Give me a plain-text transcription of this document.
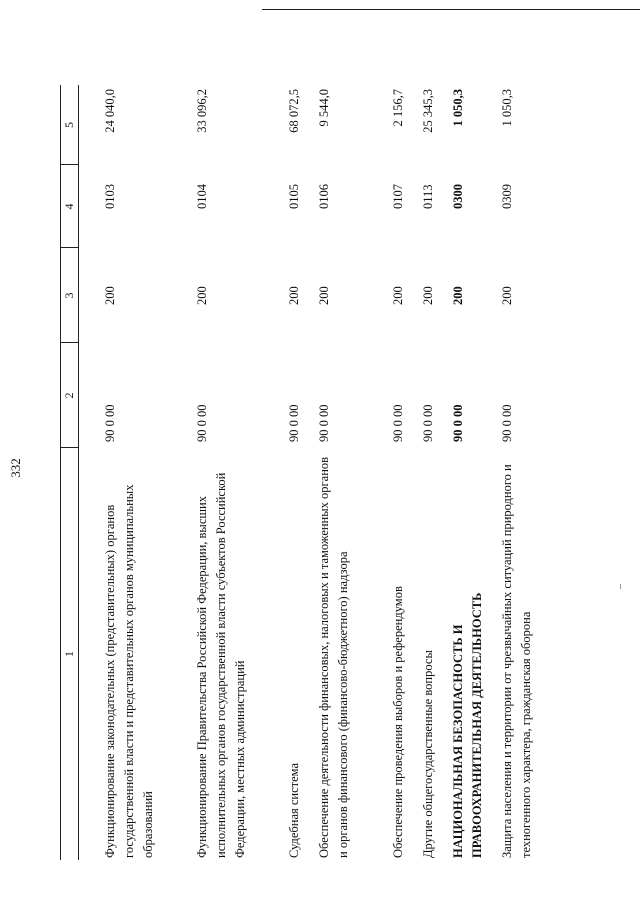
332
1
2
3
4
5
Функционирование законодательных (представительных) органов государственной власти и представительных органов муниципальных образований
90 0 00
200
0103
24 040,0
Функционирование Правительства Российской Федерации, высших исполнительных органов государственной власти субъектов Российской Федерации, местных администраций
90 0 00
200
0104
33 096,2
Судебная система
90 0 00
200
0105
68 072,5
Обеспечение деятельности финансовых, налоговых и таможенных органов и органов финансового (финансово-бюджетного) надзора
90 0 00
200
0106
9 544,0
Обеспечение проведения выборов и референдумов
90 0 00
200
0107
2 156,7
Другие общегосударственные вопросы
90 0 00
200
0113
25 345,3
НАЦИОНАЛЬНАЯ БЕЗОПАСНОСТЬ И ПРАВООХРАНИТЕЛЬНАЯ ДЕЯТЕЛЬНОСТЬ
90 0 00
200
0300
1 050,3
Защита населения и территории от чрезвычайных ситуаций природного и техногенного характера, гражданская оборона
90 0 00
200
0309
1 050,3
